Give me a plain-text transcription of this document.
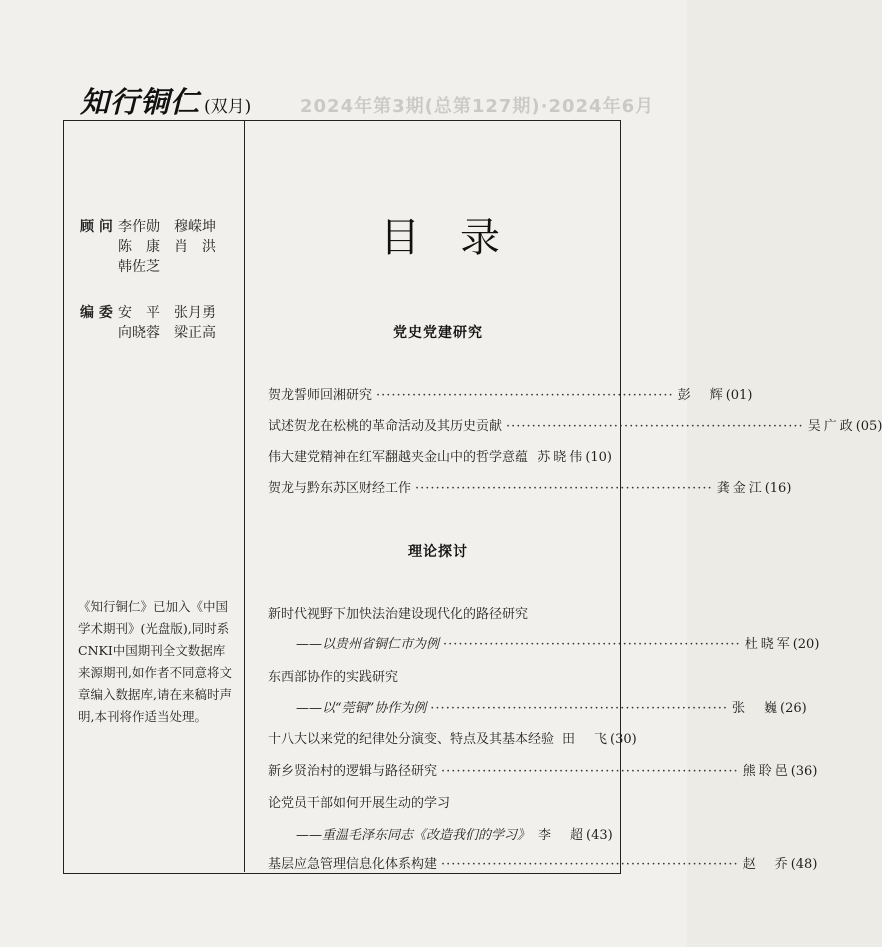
2024年第3期(总第127期)·2024年6月
知行铜仁 (双月)
顾 问 李作勋　穆嵘坤
陈　康　肖　洪
韩佐芝
编 委 安　平　张月勇
向晓蓉　梁正高
《知行铜仁》已加入《中国学术期刊》(光盘版),同时系CNKI中国期刊全文数据库来源期刊,如作者不同意将文章编入数据库,请在来稿时声明,本刊将作适当处理。
目录
党史党建研究
贺龙誓师回湘研究 ·························································· 彭　辉 (01)
试述贺龙在松桃的革命活动及其历史贡献 ·························································· 吴广政 (05)
伟大建党精神在红军翻越夹金山中的哲学意蕴 苏晓伟 (10)
贺龙与黔东苏区财经工作 ·························································· 龚金江 (16)
理论探讨
新时代视野下加快法治建设现代化的路径研究
——以贵州省铜仁市为例 ·························································· 杜晓军 (20)
东西部协作的实践研究
——以“莞铜”协作为例 ·························································· 张　巍 (26)
十八大以来党的纪律处分演变、特点及其基本经验 田　飞 (30)
新乡贤治村的逻辑与路径研究 ·························································· 熊聆邑 (36)
论党员干部如何开展生动的学习
——重温毛泽东同志《改造我们的学习》 李　超 (43)
基层应急管理信息化体系构建 ·························································· 赵　乔 (48)
